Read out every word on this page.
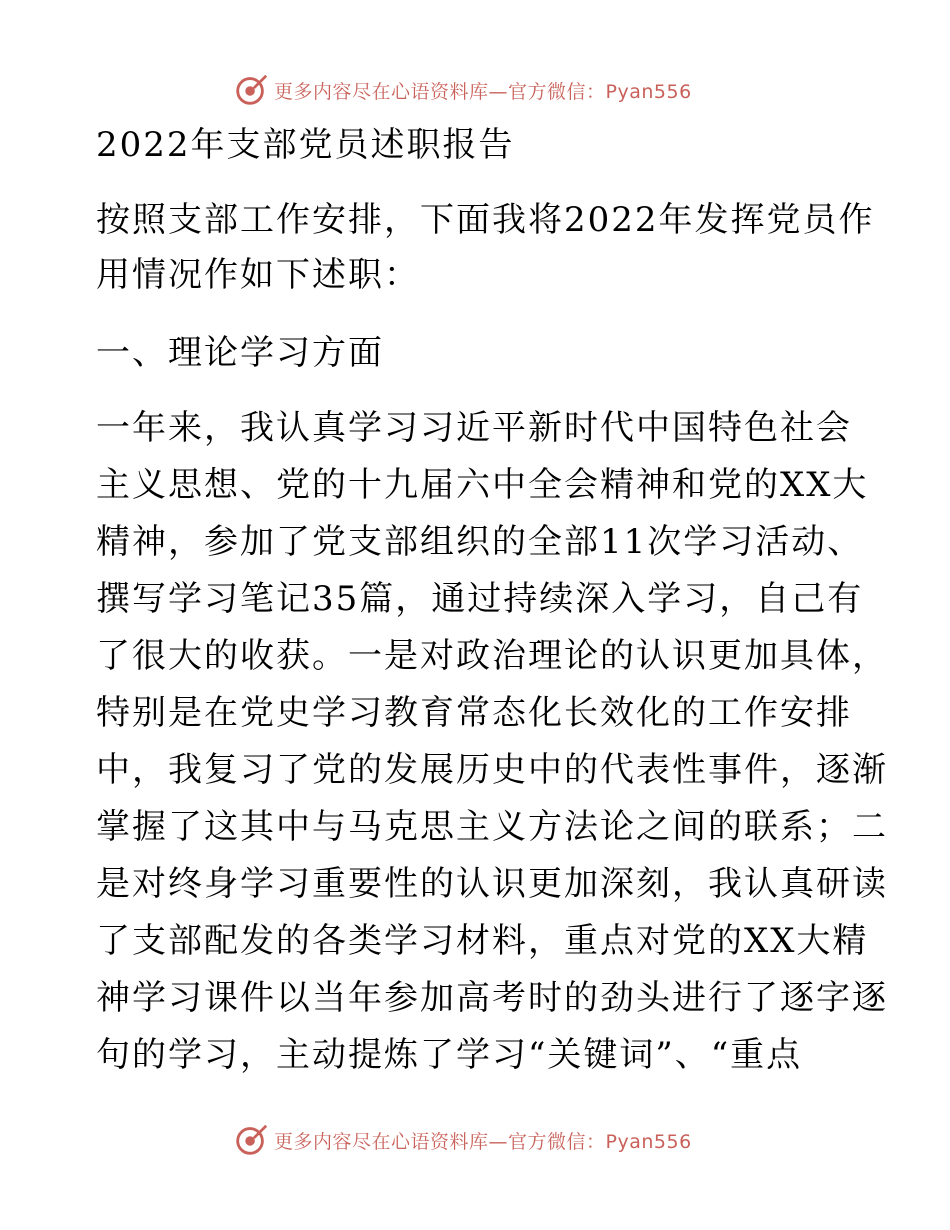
更多内容尽在心语资料库—官方微信：Pyan556
2022年支部党员述职报告
按照支部工作安排，下面我将2022年发挥党员作
用情况作如下述职：
一、理论学习方面
一年来，我认真学习习近平新时代中国特色社会
主义思想、党的十九届六中全会精神和党的XX大
精神，参加了党支部组织的全部11次学习活动、
撰写学习笔记35篇，通过持续深入学习，自己有
了很大的收获。一是对政治理论的认识更加具体，
特别是在党史学习教育常态化长效化的工作安排
中，我复习了党的发展历史中的代表性事件，逐渐
掌握了这其中与马克思主义方法论之间的联系；二
是对终身学习重要性的认识更加深刻，我认真研读
了支部配发的各类学习材料，重点对党的XX大精
神学习课件以当年参加高考时的劲头进行了逐字逐
句的学习，主动提炼了学习“关键词”、“重点
更多内容尽在心语资料库—官方微信：Pyan556
